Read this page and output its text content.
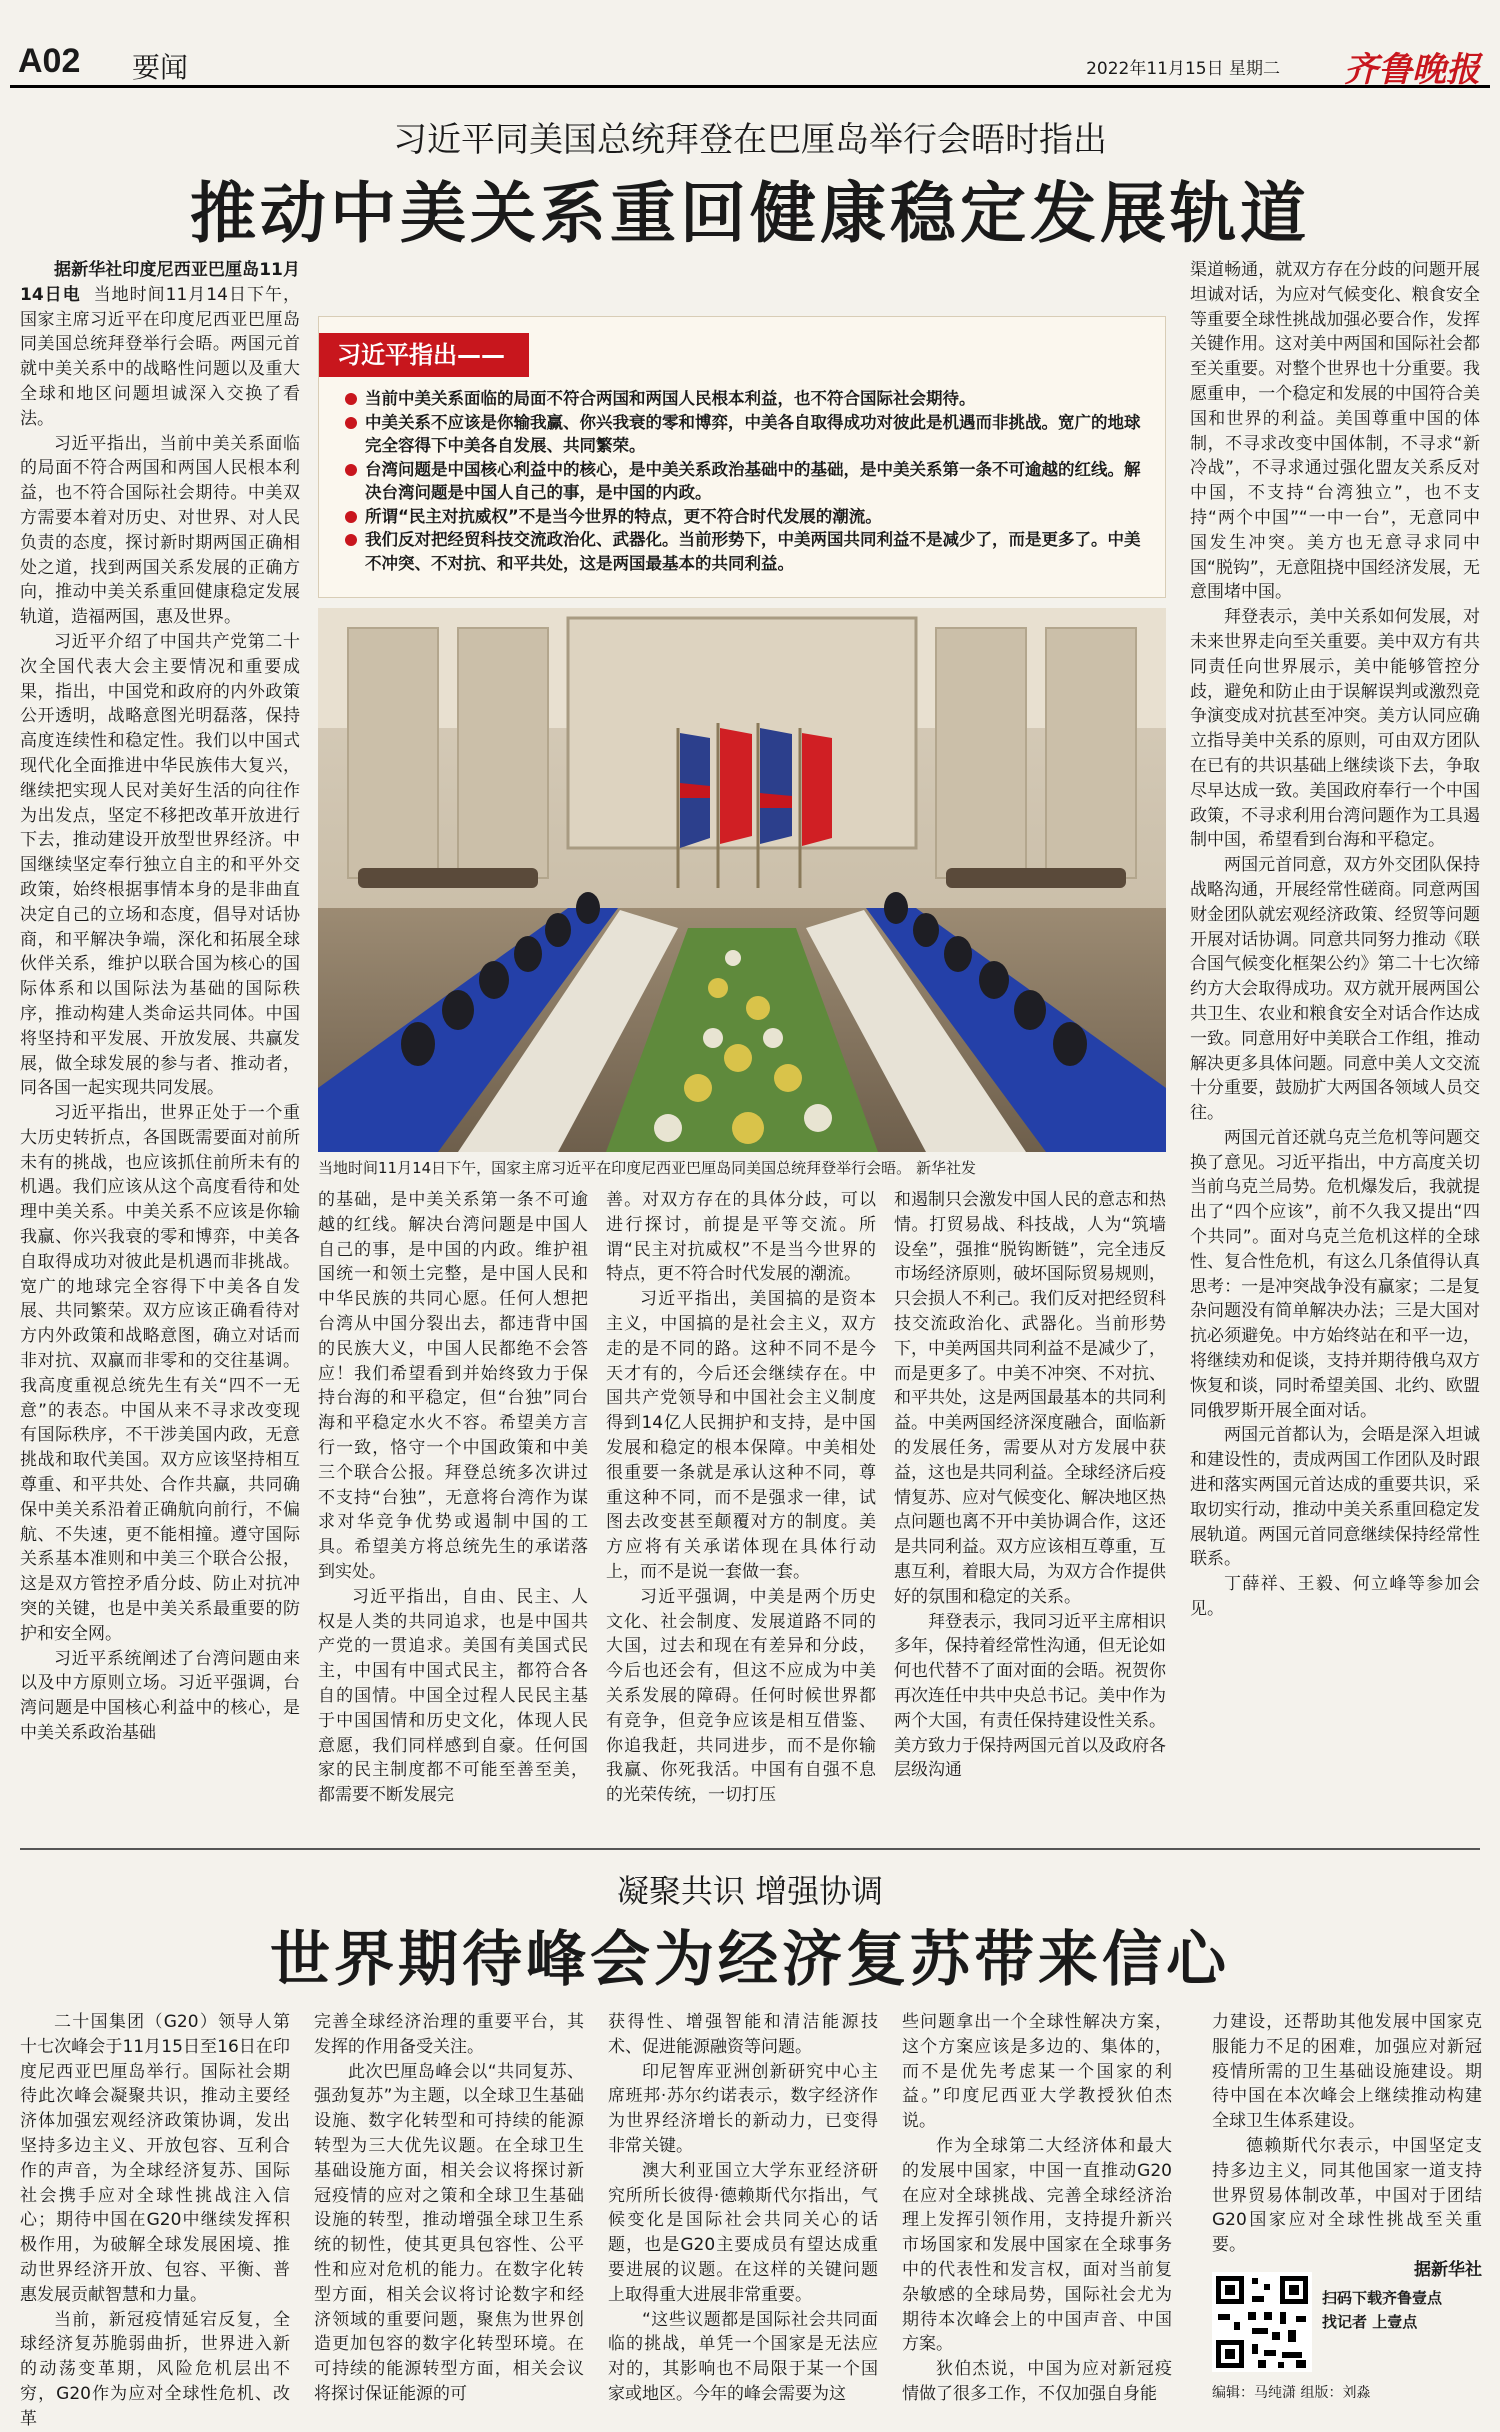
A02 要闻	2022年11月15日 星期二 齐鲁晚报
习近平同美国总统拜登在巴厘岛举行会晤时指出
推动中美关系重回健康稳定发展轨道

据新华社印度尼西亚巴厘岛11月14日电 当地时间11月14日下午，国家主席习近平在印度尼西亚巴厘岛同美国总统拜登举行会晤。两国元首就中美关系中的战略性问题以及重大全球和地区问题坦诚深入交换了看法。

习近平指出，当前中美关系面临的局面不符合两国和两国人民根本利益，也不符合国际社会期待。中美双方需要本着对历史、对世界、对人民负责的态度，探讨新时期两国正确相处之道，找到两国关系发展的正确方向，推动中美关系重回健康稳定发展轨道，造福两国，惠及世界。

习近平介绍了中国共产党第二十次全国代表大会主要情况和重要成果，指出，中国党和政府的内外政策公开透明，战略意图光明磊落，保持高度连续性和稳定性。我们以中国式现代化全面推进中华民族伟大复兴，继续把实现人民对美好生活的向往作为出发点，坚定不移把改革开放进行下去，推动建设开放型世界经济。中国继续坚定奉行独立自主的和平外交政策，始终根据事情本身的是非曲直决定自己的立场和态度，倡导对话协商，和平解决争端，深化和拓展全球伙伴关系，维护以联合国为核心的国际体系和以国际法为基础的国际秩序，推动构建人类命运共同体。中国将坚持和平发展、开放发展、共赢发展，做全球发展的参与者、推动者，同各国一起实现共同发展。

习近平指出，世界正处于一个重大历史转折点，各国既需要面对前所未有的挑战，也应该抓住前所未有的机遇。我们应该从这个高度看待和处理中美关系。中美关系不应该是你输我赢、你兴我衰的零和博弈，中美各自取得成功对彼此是机遇而非挑战。宽广的地球完全容得下中美各自发展、共同繁荣。双方应该正确看待对方内外政策和战略意图，确立对话而非对抗、双赢而非零和的交往基调。我高度重视总统先生有关“四不一无意”的表态。中国从来不寻求改变现有国际秩序，不干涉美国内政，无意挑战和取代美国。双方应该坚持相互尊重、和平共处、合作共赢，共同确保中美关系沿着正确航向前行，不偏航、不失速，更不能相撞。遵守国际关系基本准则和中美三个联合公报，这是双方管控矛盾分歧、防止对抗冲突的关键，也是中美关系最重要的防护和安全网。

习近平系统阐述了台湾问题由来以及中方原则立场。习近平强调，台湾问题是中国核心利益中的核心，是中美关系政治基础

习近平指出——
当前中美关系面临的局面不符合两国和两国人民根本利益，也不符合国际社会期待。
中美关系不应该是你输我赢、你兴我衰的零和博弈，中美各自取得成功对彼此是机遇而非挑战。宽广的地球完全容得下中美各自发展、共同繁荣。
台湾问题是中国核心利益中的核心，是中美关系政治基础中的基础，是中美关系第一条不可逾越的红线。解决台湾问题是中国人自己的事，是中国的内政。
所谓“民主对抗威权”不是当今世界的特点，更不符合时代发展的潮流。
我们反对把经贸科技交流政治化、武器化。当前形势下，中美两国共同利益不是减少了，而是更多了。中美不冲突、不对抗、和平共处，这是两国最基本的共同利益。
当地时间11月14日下午，国家主席习近平在印度尼西亚巴厘岛同美国总统拜登举行会晤。 新华社发

的基础，是中美关系第一条不可逾越的红线。解决台湾问题是中国人自己的事，是中国的内政。维护祖国统一和领土完整，是中国人民和中华民族的共同心愿。任何人想把台湾从中国分裂出去，都违背中国的民族大义，中国人民都绝不会答应！我们希望看到并始终致力于保持台海的和平稳定，但“台独”同台海和平稳定水火不容。希望美方言行一致，恪守一个中国政策和中美三个联合公报。拜登总统多次讲过不支持“台独”，无意将台湾作为谋求对华竞争优势或遏制中国的工具。希望美方将总统先生的承诺落到实处。

习近平指出，自由、民主、人权是人类的共同追求，也是中国共产党的一贯追求。美国有美国式民主，中国有中国式民主，都符合各自的国情。中国全过程人民民主基于中国国情和历史文化，体现人民意愿，我们同样感到自豪。任何国家的民主制度都不可能至善至美，都需要不断发展完

善。对双方存在的具体分歧，可以进行探讨，前提是平等交流。所谓“民主对抗威权”不是当今世界的特点，更不符合时代发展的潮流。

习近平指出，美国搞的是资本主义，中国搞的是社会主义，双方走的是不同的路。这种不同不是今天才有的，今后还会继续存在。中国共产党领导和中国社会主义制度得到14亿人民拥护和支持，是中国发展和稳定的根本保障。中美相处很重要一条就是承认这种不同，尊重这种不同，而不是强求一律，试图去改变甚至颠覆对方的制度。美方应将有关承诺体现在具体行动上，而不是说一套做一套。

习近平强调，中美是两个历史文化、社会制度、发展道路不同的大国，过去和现在有差异和分歧，今后也还会有，但这不应成为中美关系发展的障碍。任何时候世界都有竞争，但竞争应该是相互借鉴、你追我赶，共同进步，而不是你输我赢、你死我活。中国有自强不息的光荣传统，一切打压

和遏制只会激发中国人民的意志和热情。打贸易战、科技战，人为“筑墙设垒”，强推“脱钩断链”，完全违反市场经济原则，破坏国际贸易规则，只会损人不利己。我们反对把经贸科技交流政治化、武器化。当前形势下，中美两国共同利益不是减少了，而是更多了。中美不冲突、不对抗、和平共处，这是两国最基本的共同利益。中美两国经济深度融合，面临新的发展任务，需要从对方发展中获益，这也是共同利益。全球经济后疫情复苏、应对气候变化、解决地区热点问题也离不开中美协调合作，这还是共同利益。双方应该相互尊重，互惠互利，着眼大局，为双方合作提供好的氛围和稳定的关系。

拜登表示，我同习近平主席相识多年，保持着经常性沟通，但无论如何也代替不了面对面的会晤。祝贺你再次连任中共中央总书记。美中作为两个大国，有责任保持建设性关系。美方致力于保持两国元首以及政府各层级沟通

渠道畅通，就双方存在分歧的问题开展坦诚对话，为应对气候变化、粮食安全等重要全球性挑战加强必要合作，发挥关键作用。这对美中两国和国际社会都至关重要。对整个世界也十分重要。我愿重申，一个稳定和发展的中国符合美国和世界的利益。美国尊重中国的体制，不寻求改变中国体制，不寻求“新冷战”，不寻求通过强化盟友关系反对中国，不支持“台湾独立”，也不支持“两个中国”“一中一台”，无意同中国发生冲突。美方也无意寻求同中国“脱钩”，无意阻挠中国经济发展，无意围堵中国。

拜登表示，美中关系如何发展，对未来世界走向至关重要。美中双方有共同责任向世界展示，美中能够管控分歧，避免和防止由于误解误判或激烈竞争演变成对抗甚至冲突。美方认同应确立指导美中关系的原则，可由双方团队在已有的共识基础上继续谈下去，争取尽早达成一致。美国政府奉行一个中国政策，不寻求利用台湾问题作为工具遏制中国，希望看到台海和平稳定。

两国元首同意，双方外交团队保持战略沟通，开展经常性磋商。同意两国财金团队就宏观经济政策、经贸等问题开展对话协调。同意共同努力推动《联合国气候变化框架公约》第二十七次缔约方大会取得成功。双方就开展两国公共卫生、农业和粮食安全对话合作达成一致。同意用好中美联合工作组，推动解决更多具体问题。同意中美人文交流十分重要，鼓励扩大两国各领域人员交往。

两国元首还就乌克兰危机等问题交换了意见。习近平指出，中方高度关切当前乌克兰局势。危机爆发后，我就提出了“四个应该”，前不久我又提出“四个共同”。面对乌克兰危机这样的全球性、复合性危机，有这么几条值得认真思考：一是冲突战争没有赢家；二是复杂问题没有简单解决办法；三是大国对抗必须避免。中方始终站在和平一边，将继续劝和促谈，支持并期待俄乌双方恢复和谈，同时希望美国、北约、欧盟同俄罗斯开展全面对话。

两国元首都认为，会晤是深入坦诚和建设性的，责成两国工作团队及时跟进和落实两国元首达成的重要共识，采取切实行动，推动中美关系重回稳定发展轨道。两国元首同意继续保持经常性联系。

丁薛祥、王毅、何立峰等参加会见。

凝聚共识 增强协调
世界期待峰会为经济复苏带来信心

二十国集团（G20）领导人第十七次峰会于11月15日至16日在印度尼西亚巴厘岛举行。国际社会期待此次峰会凝聚共识，推动主要经济体加强宏观经济政策协调，发出坚持多边主义、开放包容、互利合作的声音，为全球经济复苏、国际社会携手应对全球性挑战注入信心；期待中国在G20中继续发挥积极作用，为破解全球发展困境、推动世界经济开放、包容、平衡、普惠发展贡献智慧和力量。

当前，新冠疫情延宕反复，全球经济复苏脆弱曲折，世界进入新的动荡变革期，风险危机层出不穷，G20作为应对全球性危机、改革

完善全球经济治理的重要平台，其发挥的作用备受关注。

此次巴厘岛峰会以“共同复苏、强劲复苏”为主题，以全球卫生基础设施、数字化转型和可持续的能源转型为三大优先议题。在全球卫生基础设施方面，相关会议将探讨新冠疫情的应对之策和全球卫生基础设施的转型，推动增强全球卫生系统的韧性，使其更具包容性、公平性和应对危机的能力。在数字化转型方面，相关会议将讨论数字和经济领域的重要问题，聚焦为世界创造更加包容的数字化转型环境。在可持续的能源转型方面，相关会议将探讨保证能源的可

获得性、增强智能和清洁能源技术、促进能源融资等问题。

印尼智库亚洲创新研究中心主席班邦·苏尔约诺表示，数字经济作为世界经济增长的新动力，已变得非常关键。

澳大利亚国立大学东亚经济研究所所长彼得·德赖斯代尔指出，气候变化是国际社会共同关心的话题，也是G20主要成员有望达成重要进展的议题。在这样的关键问题上取得重大进展非常重要。

“这些议题都是国际社会共同面临的挑战，单凭一个国家是无法应对的，其影响也不局限于某一个国家或地区。今年的峰会需要为这

些问题拿出一个全球性解决方案，这个方案应该是多边的、集体的，而不是优先考虑某一个国家的利益。”印度尼西亚大学教授狄伯杰说。

作为全球第二大经济体和最大的发展中国家，中国一直推动G20在应对全球挑战、完善全球经济治理上发挥引领作用，支持提升新兴市场国家和发展中国家在全球事务中的代表性和发言权，面对当前复杂敏感的全球局势，国际社会尤为期待本次峰会上的中国声音、中国方案。

狄伯杰说，中国为应对新冠疫情做了很多工作，不仅加强自身能

力建设，还帮助其他发展中国家克服能力不足的困难，加强应对新冠疫情所需的卫生基础设施建设。期待中国在本次峰会上继续推动构建全球卫生体系建设。

德赖斯代尔表示，中国坚定支持多边主义，同其他国家一道支持世界贸易体制改革，中国对于团结G20国家应对全球性挑战至关重要。

据新华社

扫码下载齐鲁壹点
找记者 上壹点
编辑：马纯潇 组版：刘淼
